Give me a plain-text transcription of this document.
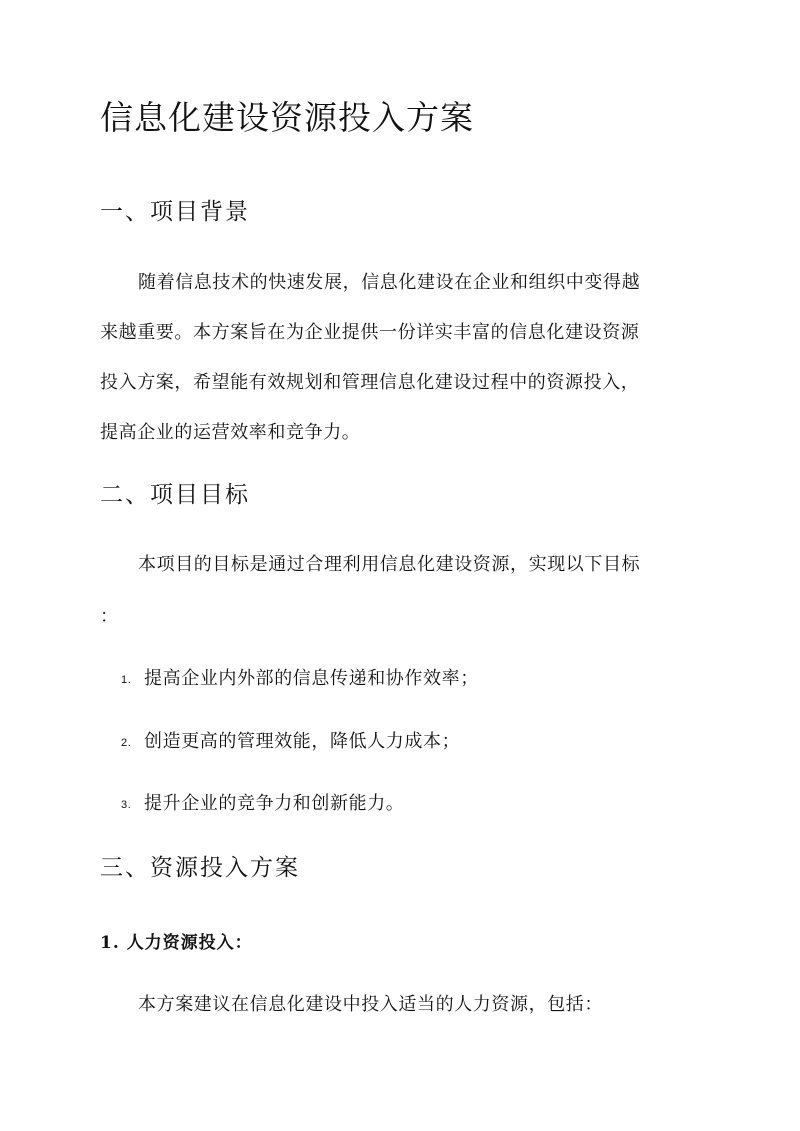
信息化建设资源投入方案
一、项目背景
随着信息技术的快速发展，信息化建设在企业和组织中变得越
来越重要。本方案旨在为企业提供一份详实丰富的信息化建设资源
投入方案，希望能有效规划和管理信息化建设过程中的资源投入，
提高企业的运营效率和竞争力。
二、项目目标
本项目的目标是通过合理利用信息化建设资源，实现以下目标
：
1. 提高企业内外部的信息传递和协作效率；
2. 创造更高的管理效能，降低人力成本；
3. 提升企业的竞争力和创新能力。
三、资源投入方案
1. 人力资源投入：
本方案建议在信息化建设中投入适当的人力资源，包括：
